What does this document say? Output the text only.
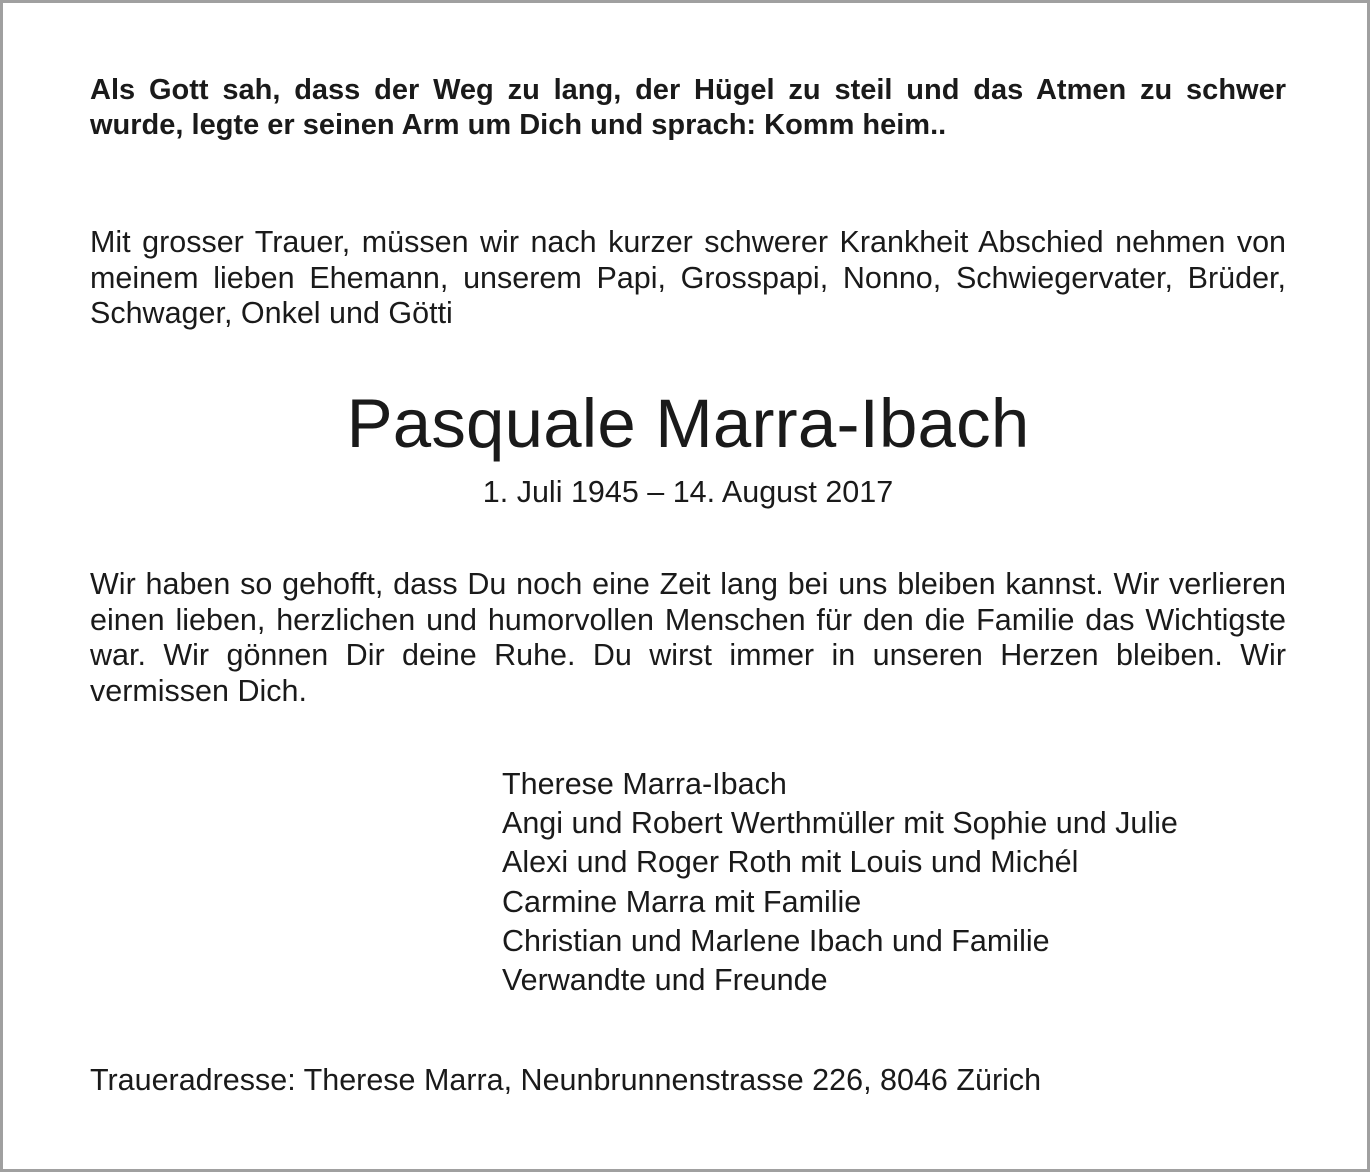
Als Gott sah, dass der Weg zu lang, der Hügel zu steil und das Atmen zu schwer wurde, legte er seinen Arm um Dich und sprach: Komm heim..

Mit grosser Trauer, müssen wir nach kurzer schwerer Krankheit Abschied nehmen von meinem lieben Ehemann, unserem Papi, Grosspapi, Nonno, Schwiegervater, Brüder, Schwager, Onkel und Götti

Pasquale Marra-Ibach

1. Juli 1945 – 14. August 2017

Wir haben so gehofft, dass Du noch eine Zeit lang bei uns bleiben kannst. Wir verlieren einen lieben, herzlichen und humorvollen Menschen für den die Familie das Wichtigste war. Wir gönnen Dir deine Ruhe. Du wirst immer in unseren Herzen bleiben. Wir vermissen Dich.

Therese Marra-Ibach
Angi und Robert Werthmüller mit Sophie und Julie
Alexi und Roger Roth mit Louis und Michél
Carmine Marra mit Familie
Christian und Marlene Ibach und Familie
Verwandte und Freunde

Traueradresse: Therese Marra, Neunbrunnenstrasse 226, 8046 Zürich
